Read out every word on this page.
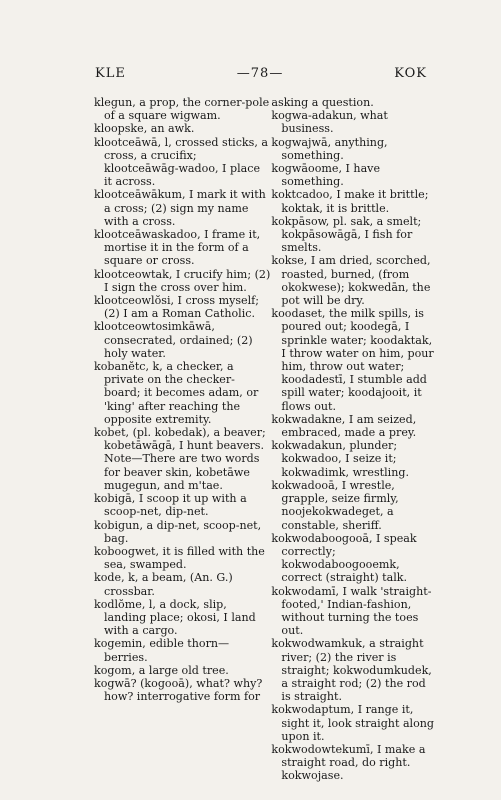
KLE	—78—	KOK

klegun, a prop, the corner-pole of a square wigwam.

kloopske, an awk.

klootceāwā, l, crossed sticks, a cross, a crucifix; klootceāwāg-wadoo, I place it across.

klootceāwākum, I mark it with a cross; (2) sign my name with a cross.

klootceāwaskadoo, I frame it, mortise it in the form of a square or cross.

klootceowtak, I crucify him; (2) I sign the cross over him.

klootceowlŏsi, I cross myself; (2) I am a Roman Catholic.

klootceowtosimkāwā, consecrated, ordained; (2) holy water.

kobanĕtc, k, a checker, a private on the checker-board; it becomes adam, or 'king' after reaching the opposite extremity.

kobet, (pl. kobedak), a beaver; kobetāwāgā, I hunt beavers. Note—There are two words for beaver skin, kobetāwe mugegun, and m'tae.

kobigā, I scoop it up with a scoop-net, dip-net.

kobigun, a dip-net, scoop-net, bag.

koboogwet, it is filled with the sea, swamped.

kode, k, a beam, (An. G.) crossbar.

kodlŏme, l, a dock, slip, landing place; okosi, I land with a cargo.

kogemin, edible thorn—berries.

kogom, a large old tree.

kogwā? (kogooā), what? why? how? interrogative form for

asking a question.

kogwa-adakun, what business.

kogwajwā, anything, something.

kogwāoome, I have something.

koktcadoo, I make it brittle; koktak, it is brittle.

kokpāsow, pl. sak, a smelt; kokpāsowāgā, I fish for smelts.

kokse, I am dried, scorched, roasted, burned, (from okokwese); kokwedān, the pot will be dry.

koodaset, the milk spills, is poured out; koodegā, I sprinkle water; koodaktak, I throw water on him, pour him, throw out water; koodadestī, I stumble add spill water; koodajooit, it flows out.

kokwadakne, I am seized, embraced, made a prey.

kokwadakun, plunder; kokwadoo, I seize it; kokwadimk, wrestling.

kokwadooā, I wrestle, grapple, seize firmly, noojekokwadeget, a constable, sheriff.

kokwodaboogooā, I speak correctly; kokwodaboogooemk, correct (straight) talk.

kokwodamī, I walk 'straight-footed,' Indian-fashion, without turning the toes out.

kokwodwamkuk, a straight river; (2) the river is straight; kokwodumkudek, a straight rod; (2) the rod is straight.

kokwodaptum, I range it, sight it, look straight along upon it.

kokwodowtekumī, I make a straight road, do right. kokwojase.
